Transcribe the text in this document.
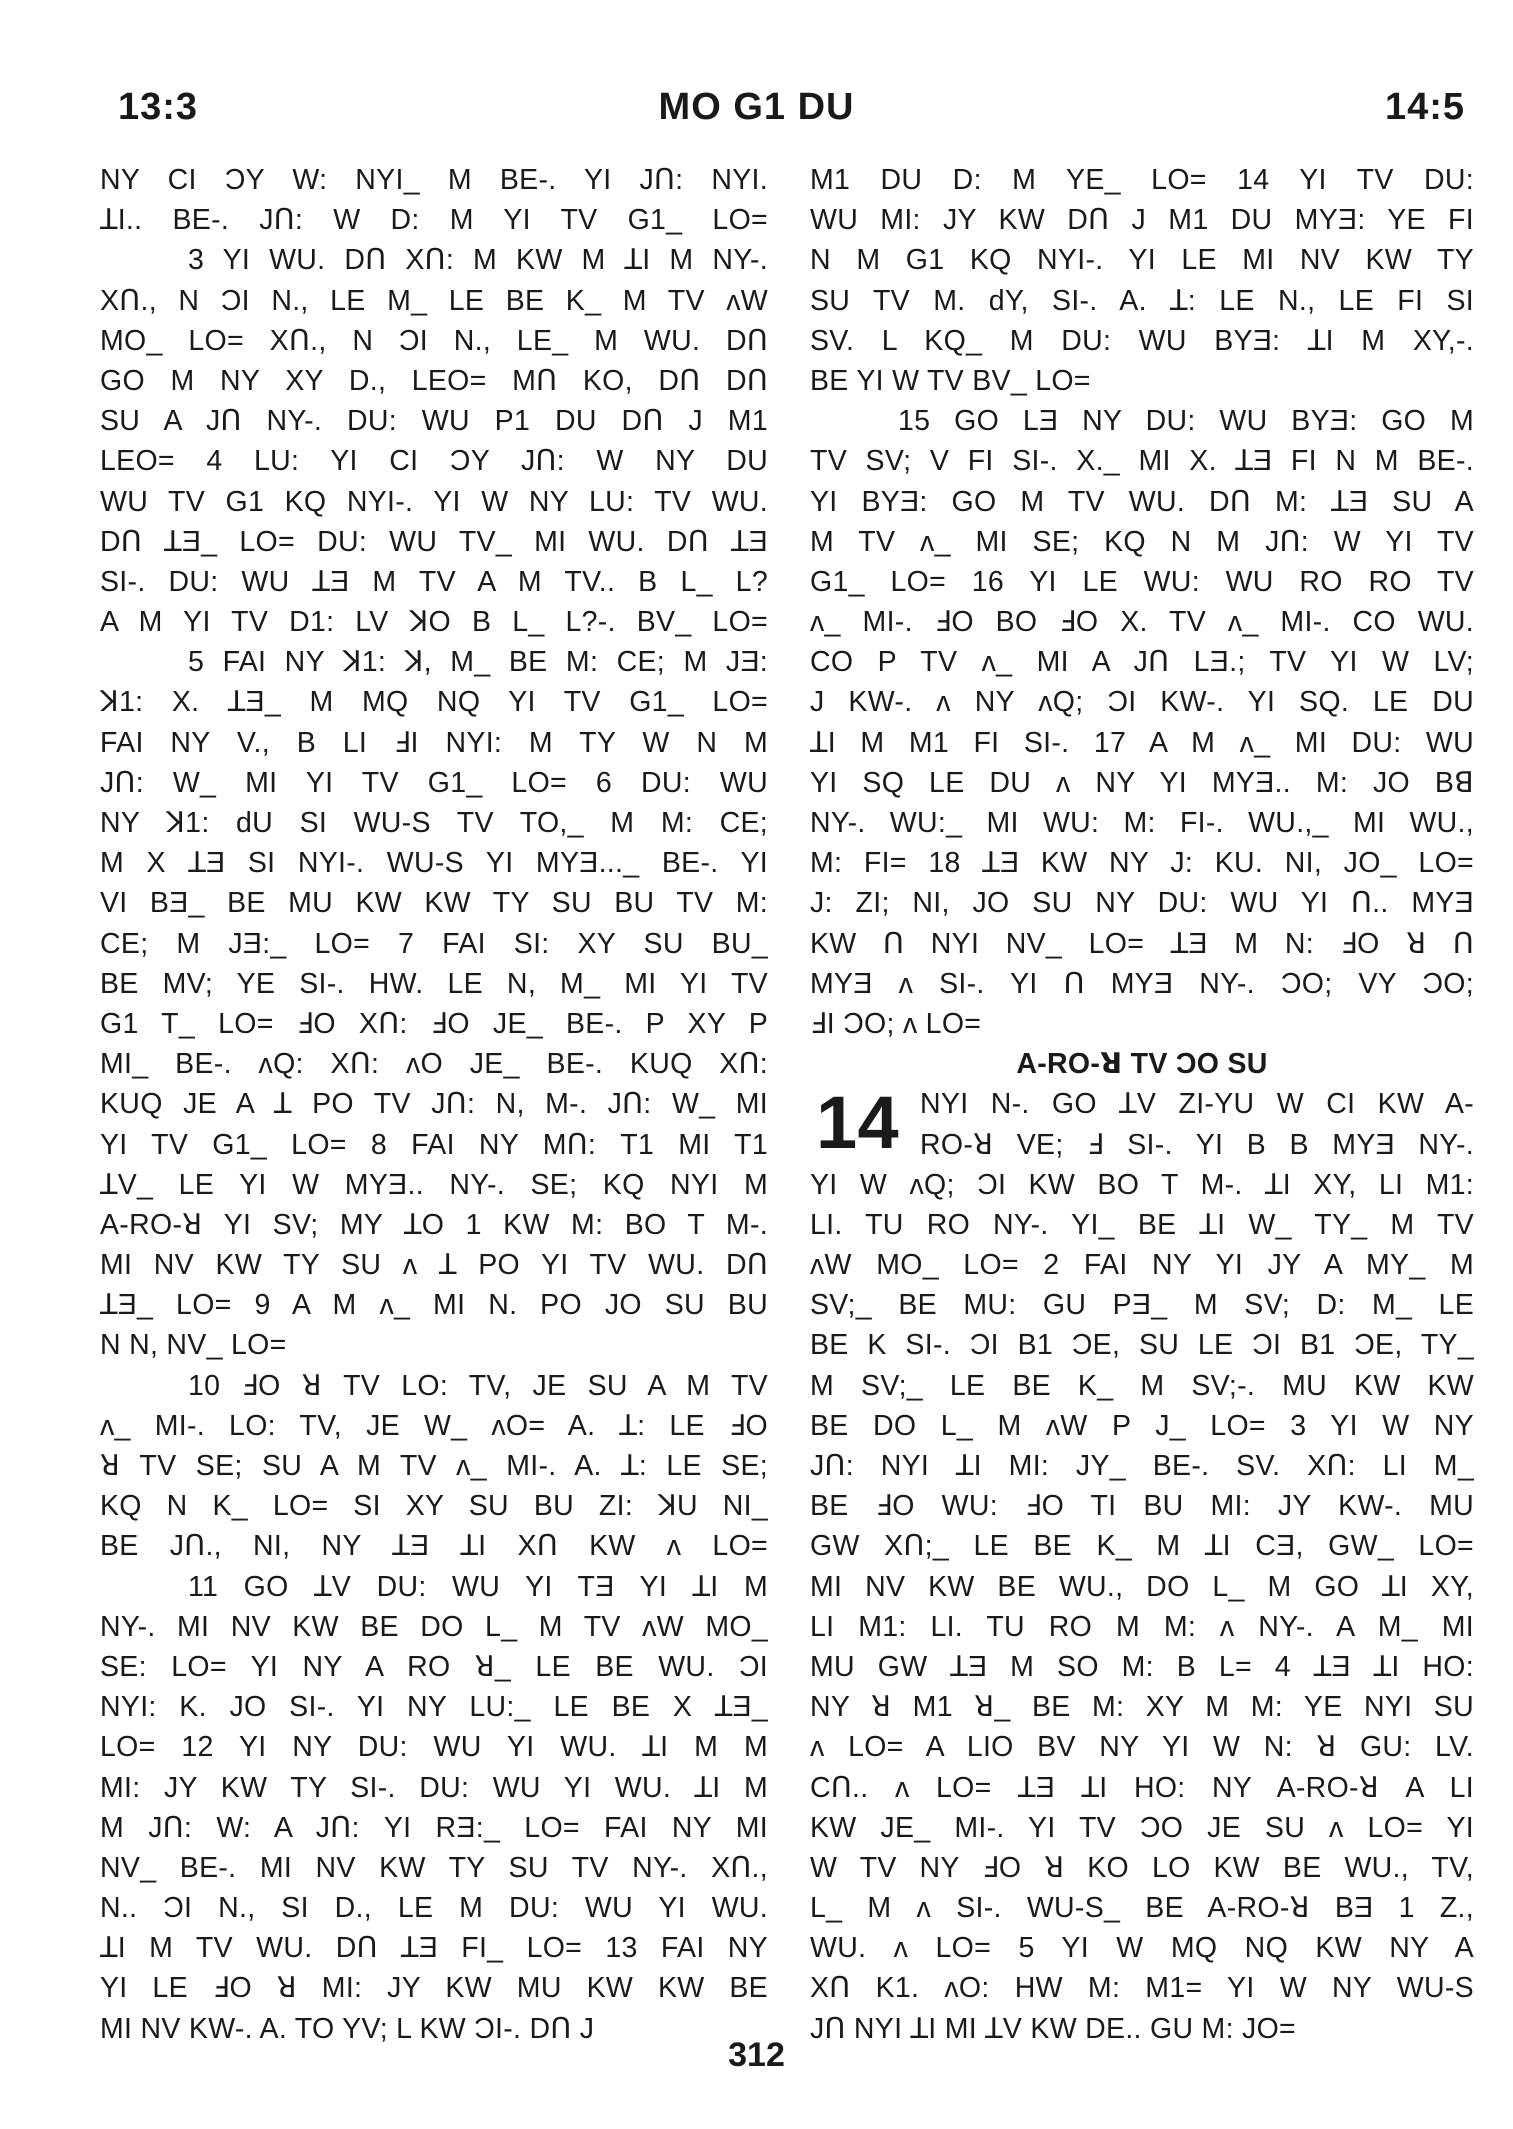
13:3	MO G1 DU	14:5
NY CI ƆY W: NYI_ M BE-. YI JՈ: NYI.
ꓕI.. BE-. JՈ: W D: M YI TV G1_ LO=
3 YI WU. DՈ XՈ: M KW M ꓕI M NY-.
XՈ., N ƆI N., LE M_ LE BE K_ M TV ʌW
MO_ LO= XՈ., N ƆI N., LE_ M WU. DՈ
GO M NY XY D., LEO= MՈ KO, DՈ DՈ
SU A JՈ NY-. DU: WU P1 DU DՈ J M1
LEO= 4 LU: YI CI ƆY JՈ: W NY DU
WU TV G1 KQ NYI-. YI W NY LU: TV WU.
DՈ ꓕƎ_ LO= DU: WU TV_ MI WU. DՈ ꓕƎ
SI-. DU: WU ꓕƎ M TV A M TV.. B L_ L?
A M YI TV D1: LV ꓘO B L_ L?-. BV_ LO=
5 FAI NY ꓘ1: ꓘ, M_ BE M: CE; M JƎ:
ꓘ1: X. ꓕƎ_ M MQ NQ YI TV G1_ LO=
FAI NY V., B LI ꓞI NYI: M TY W N M
JՈ: W_ MI YI TV G1_ LO= 6 DU: WU
NY ꓘ1: dU SI WU-S TV TO,_ M M: CE;
M X ꓕƎ SI NYI-. WU-S YI MYƎ..._ BE-. YI
VI BƎ_ BE MU KW KW TY SU BU TV M:
CE; M JƎ:_ LO= 7 FAI SI: XY SU BU_
BE MV; YE SI-. HW. LE N, M_ MI YI TV
G1 T_ LO= ꓞO XՈ: ꓞO JE_ BE-. P XY P
MI_ BE-. ʌQ: XՈ: ʌO JE_ BE-. KUQ XՈ:
KUQ JE A ꓕ PO TV JՈ: N, M-. JՈ: W_ MI
YI TV G1_ LO= 8 FAI NY MՈ: T1 MI T1
ꓕV_ LE YI W MYƎ.. NY-. SE; KQ NYI M
A-RO-ꓤ YI SV; MY ꓕO 1 KW M: BO T M-.
MI NV KW TY SU ʌ ꓕ PO YI TV WU. DՈ
ꓕƎ_ LO= 9 A M ʌ_ MI N. PO JO SU BU
N N, NV_ LO=
10 ꓞO ꓤ TV LO: TV, JE SU A M TV
ʌ_ MI-. LO: TV, JE W_ ʌO= A. ꓕ: LE ꓞO
ꓤ TV SE; SU A M TV ʌ_ MI-. A. ꓕ: LE SE;
KQ N K_ LO= SI XY SU BU ZI: ꓘU NI_
BE JՈ., NI, NY ꓕƎ ꓕI XՈ KW ʌ LO=
11 GO ꓕV DU: WU YI TƎ YI ꓕI M
NY-. MI NV KW BE DO L_ M TV ʌW MO_
SE: LO= YI NY A RO ꓤ_ LE BE WU. ƆI
NYI: K. JO SI-. YI NY LU:_ LE BE X ꓕƎ_
LO= 12 YI NY DU: WU YI WU. ꓕI M M
MI: JY KW TY SI-. DU: WU YI WU. ꓕI M
M JՈ: W: A JՈ: YI RƎ:_ LO= FAI NY MI
NV_ BE-. MI NV KW TY SU TV NY-. XՈ.,
N.. ƆI N., SI D., LE M DU: WU YI WU.
ꓕI M TV WU. DՈ ꓕƎ FI_ LO= 13 FAI NY
YI LE ꓞO ꓤ MI: JY KW MU KW KW BE
MI NV KW-. A. TO YV; L KW ƆI-. DՈ J
M1 DU D: M YE_ LO= 14 YI TV DU:
WU MI: JY KW DՈ J M1 DU MYƎ: YE FI
N M G1 KQ NYI-. YI LE MI NV KW TY
SU TV M. dY, SI-. A. ꓕ: LE N., LE FI SI
SV. L KQ_ M DU: WU BYƎ: ꓕI M XY,-.
BE YI W TV BV_ LO=
15 GO LƎ NY DU: WU BYƎ: GO M
TV SV; V FI SI-. X._ MI X. ꓕƎ FI N M BE-.
YI BYƎ: GO M TV WU. DՈ M: ꓕƎ SU A
M TV ʌ_ MI SE; KQ N M JՈ: W YI TV
G1_ LO= 16 YI LE WU: WU RO RO TV
ʌ_ MI-. ꓞO BO ꓞO X. TV ʌ_ MI-. CO WU.
CO P TV ʌ_ MI A JՈ LƎ.; TV YI W LV;
J KW-. ʌ NY ʌQ; ƆI KW-. YI SQ. LE DU
ꓕI M M1 FI SI-. 17 A M ʌ_ MI DU: WU
YI SQ LE DU ʌ NY YI MYƎ.. M: JO Bꓭ
NY-. WU:_ MI WU: M: FI-. WU.,_ MI WU.,
M: FI= 18 ꓕƎ KW NY J: KU. NI, JO_ LO=
J: ZI; NI, JO SU NY DU: WU YI Ո.. MYƎ
KW Ո NYI NV_ LO= ꓕƎ M N: ꓞO ꓤ Ո
MYƎ ʌ SI-. YI Ո MYƎ NY-. ƆO; VY ƆO;
ꓞI ƆO; ʌ LO=
A-RO-ꓤ TV ƆO SU
14 NYI N-. GO ꓕV ZI-YU W CI KW A-
RO-ꓤ VE; ꓞ SI-. YI B B MYƎ NY-.
YI W ʌQ; ƆI KW BO T M-. ꓕI XY, LI M1:
LI. TU RO NY-. YI_ BE ꓕI W_ TY_ M TV
ʌW MO_ LO= 2 FAI NY YI JY A MY_ M
SV;_ BE MU: GU PƎ_ M SV; D: M_ LE
BE K SI-. ƆI B1 ƆE, SU LE ƆI B1 ƆE, TY_
M SV;_ LE BE K_ M SV;-. MU KW KW
BE DO L_ M ʌW P J_ LO= 3 YI W NY
JՈ: NYI ꓕI MI: JY_ BE-. SV. XՈ: LI M_
BE ꓞO WU: ꓞO TI BU MI: JY KW-. MU
GW XՈ;_ LE BE K_ M ꓕI CƎ, GW_ LO=
MI NV KW BE WU., DO L_ M GO ꓕI XY,
LI M1: LI. TU RO M M: ʌ NY-. A M_ MI
MU GW ꓕƎ M SO M: B L= 4 ꓕƎ ꓕI HO:
NY ꓤ M1 ꓤ_ BE M: XY M M: YE NYI SU
ʌ LO= A LIO BV NY YI W N: ꓤ GU: LV.
CՈ.. ʌ LO= ꓕƎ ꓕI HO: NY A-RO-ꓤ A LI
KW JE_ MI-. YI TV ƆO JE SU ʌ LO= YI
W TV NY ꓞO ꓤ KO LO KW BE WU., TV,
L_ M ʌ SI-. WU-S_ BE A-RO-ꓤ BƎ 1 Z.,
WU. ʌ LO= 5 YI W MQ NQ KW NY A
XՈ K1. ʌO: HW M: M1= YI W NY WU-S
JՈ NYI ꓕI MI ꓕV KW DE.. GU M: JO=
312
